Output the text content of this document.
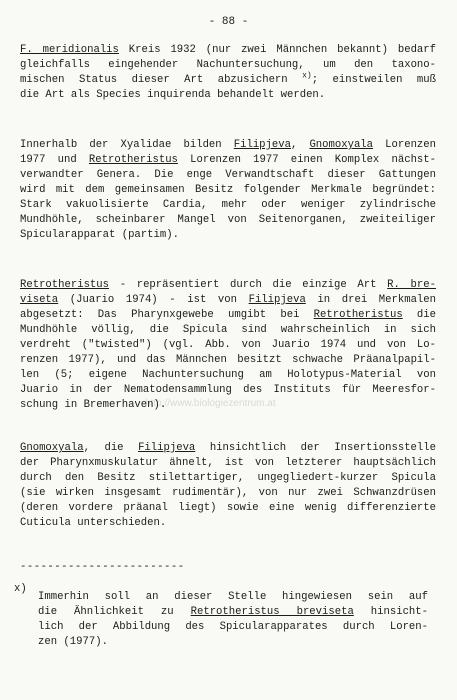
- 88 -
http://www.biologiezentrum.at

F. meridionalis Kreis 1932 (nur zwei Männchen bekannt) bedarf
gleichfalls eingehender Nachuntersuchung, um den taxono-
mischen Status dieser Art abzusichern $^{x)}$; einstweilen muß
die Art als Species inquirenda behandelt werden.

Innerhalb der Xyalidae bilden Filipjeva, Gnomoxyala Lorenzen
1977 und Retrotheristus Lorenzen 1977 einen Komplex nächst-
verwandter Genera. Die enge Verwandtschaft dieser Gattungen
wird mit dem gemeinsamen Besitz folgender Merkmale begründet:
Stark vakuolisierte Cardia, mehr oder weniger zylindrische
Mundhöhle, scheinbarer Mangel von Seitenorganen, zweiteiliger
Spicularapparat (partim).

Retrotheristus - repräsentiert durch die einzige Art R. bre-
viseta (Juario 1974) - ist von Filipjeva in drei Merkmalen
abgesetzt: Das Pharynxgewebe umgibt bei Retrotheristus die
Mundhöhle völlig, die Spicula sind wahrscheinlich in sich
verdreht ("twisted") (vgl. Abb. von Juario 1974 und von Lo-
renzen 1977), und das Männchen besitzt schwache Präanalpapil-
len (5; eigene Nachuntersuchung am Holotypus-Material von
Juario in der Nematodensammlung des Instituts für Meeresfor-
schung in Bremerhaven).

Gnomoxyala, die Filipjeva hinsichtlich der Insertionsstelle
der Pharynxmuskulatur ähnelt, ist von letzterer hauptsächlich
durch den Besitz stilettartiger, ungegliedert-kurzer Spicula
(sie wirken insgesamt rudimentär), von nur zwei Schwanzdrüsen
(deren vordere präanal liegt) sowie eine wenig differenzierte
Cuticula unterschieden.

------------------------
x)

Immerhin soll an dieser Stelle hingewiesen sein auf
die Ähnlichkeit zu Retrotheristus breviseta hinsicht-
lich der Abbildung des Spicularapparates durch Loren-
zen (1977).
